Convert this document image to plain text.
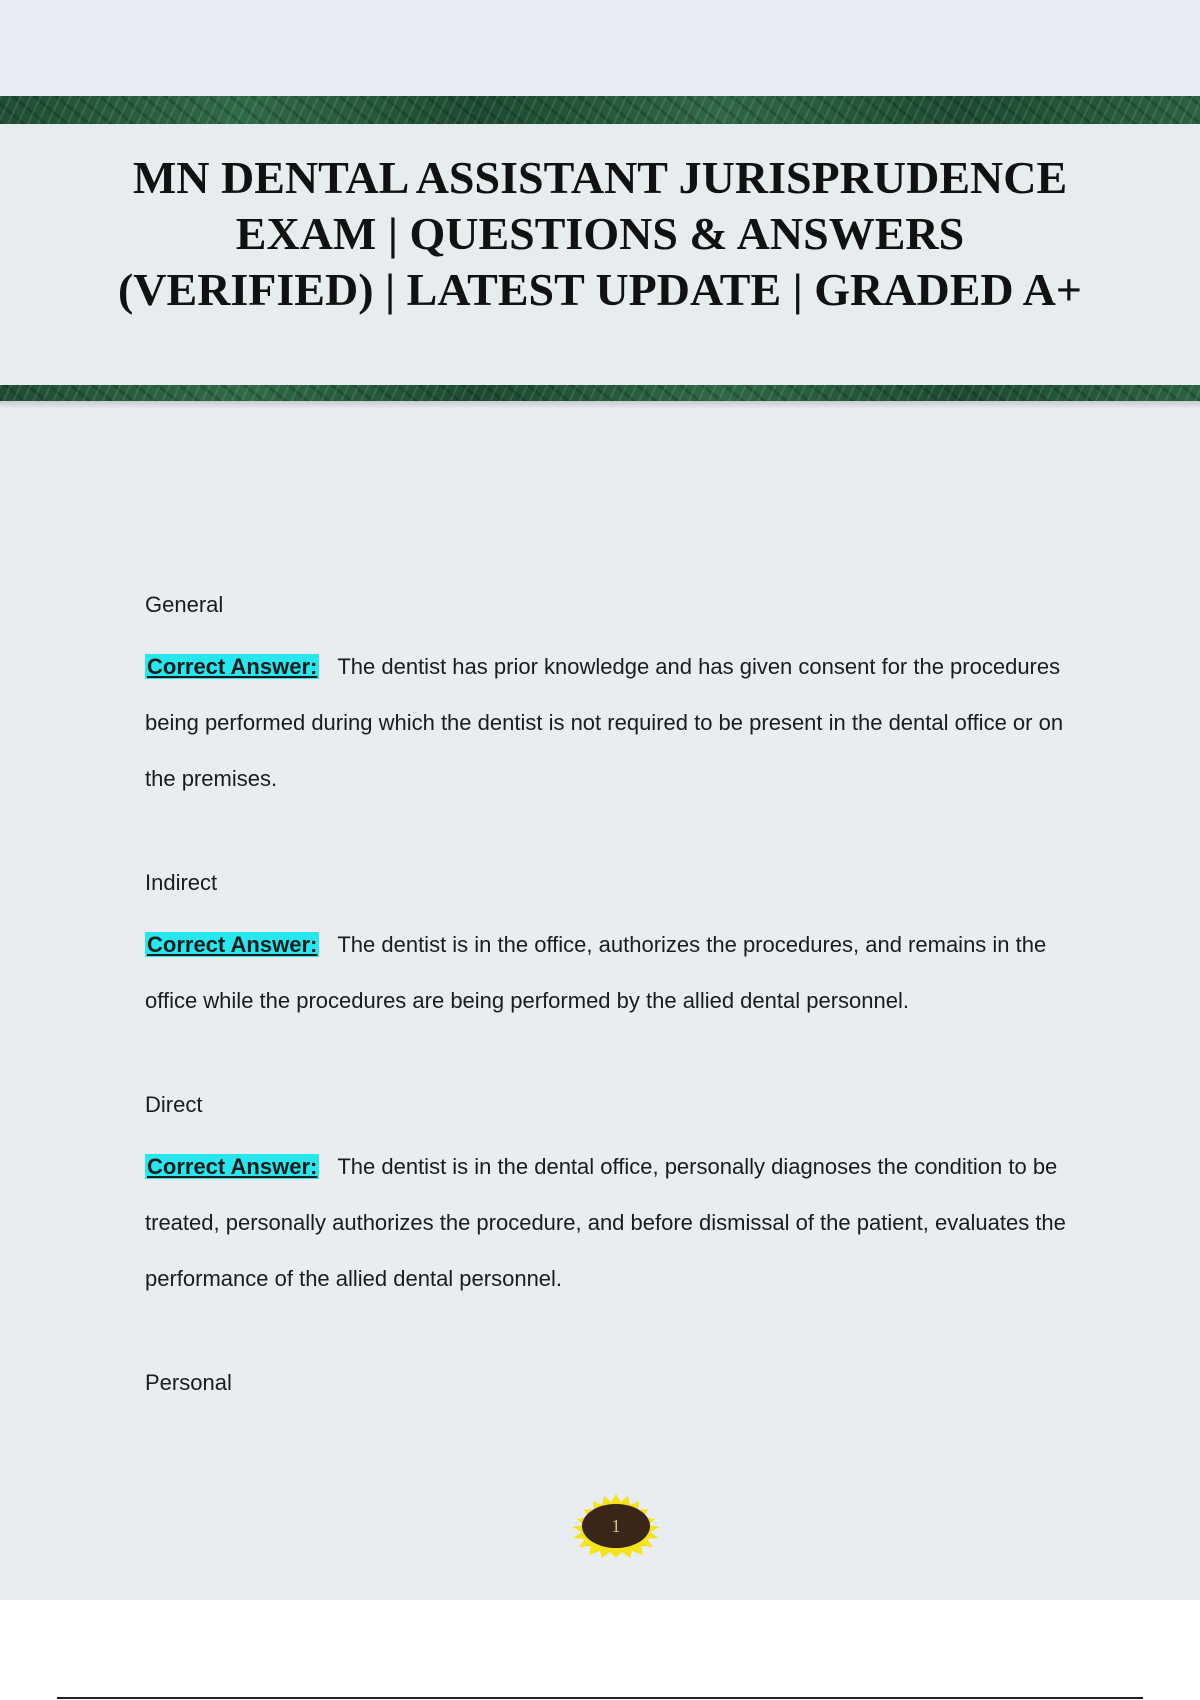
MN DENTAL ASSISTANT JURISPRUDENCE EXAM | QUESTIONS & ANSWERS (VERIFIED) | LATEST UPDATE | GRADED A+
General

Correct Answer: The dentist has prior knowledge and has given consent for the procedures being performed during which the dentist is not required to be present in the dental office or on the premises.

Indirect

Correct Answer: The dentist is in the office, authorizes the procedures, and remains in the office while the procedures are being performed by the allied dental personnel.

Direct

Correct Answer: The dentist is in the dental office, personally diagnoses the condition to be treated, personally authorizes the procedure, and before dismissal of the patient, evaluates the performance of the allied dental personnel.

Personal
1
